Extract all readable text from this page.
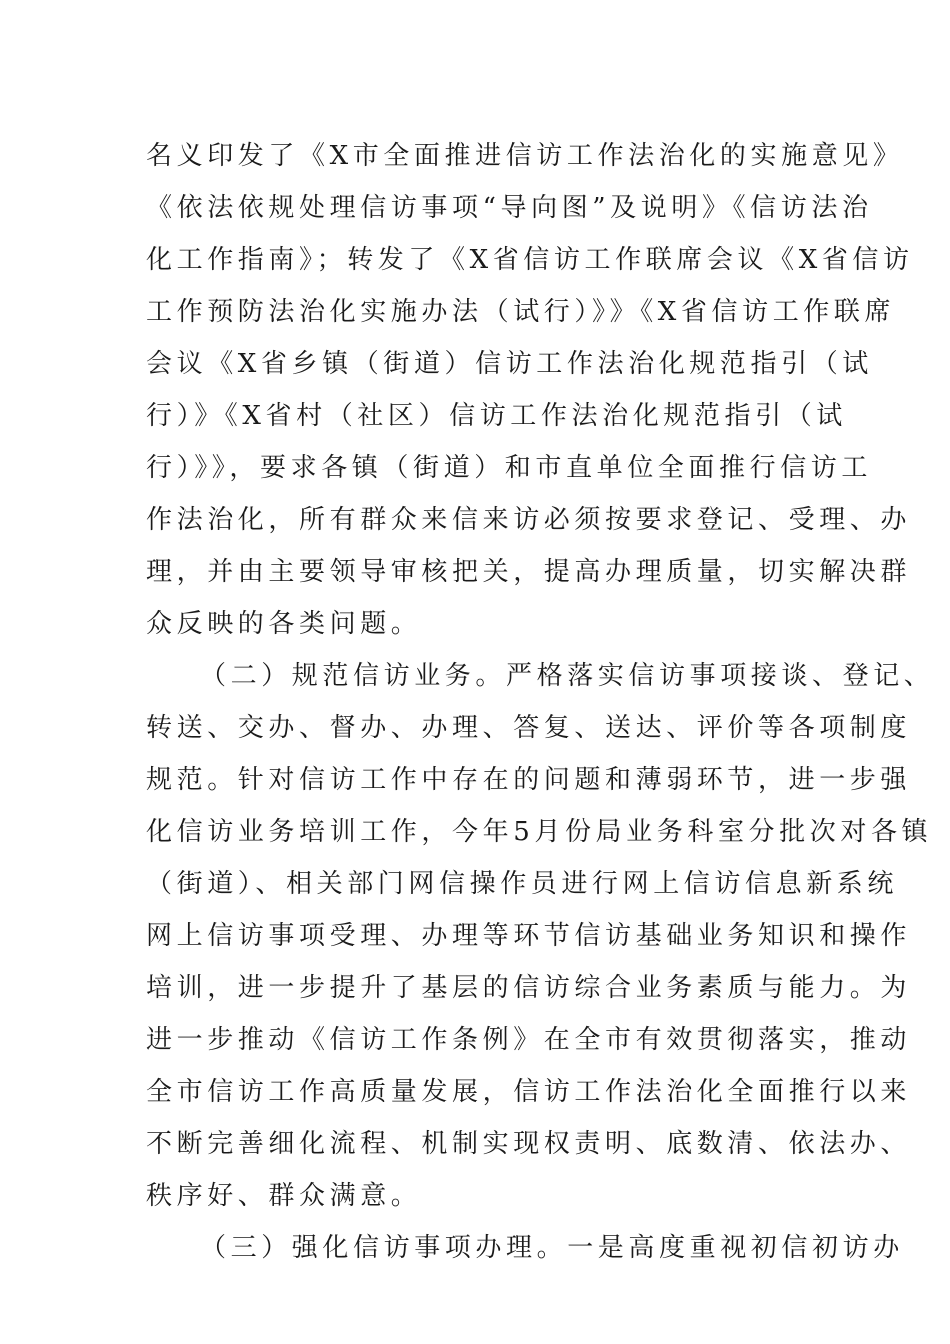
名义印发了《X市全面推进信访工作法治化的实施意见》
《依法依规处理信访事项“导向图”及说明》《信访法治
化工作指南》；转发了《X省信访工作联席会议《X省信访
工作预防法治化实施办法（试行）》》《X省信访工作联席
会议《X省乡镇（街道）信访工作法治化规范指引（试
行）》《X省村（社区）信访工作法治化规范指引（试
行）》》，要求各镇（街道）和市直单位全面推行信访工
作法治化，所有群众来信来访必须按要求登记、受理、办
理，并由主要领导审核把关，提高办理质量，切实解决群
众反映的各类问题。
（二）规范信访业务。严格落实信访事项接谈、登记、
转送、交办、督办、办理、答复、送达、评价等各项制度
规范。针对信访工作中存在的问题和薄弱环节，进一步强
化信访业务培训工作，今年5月份局业务科室分批次对各镇
（街道）、相关部门网信操作员进行网上信访信息新系统
网上信访事项受理、办理等环节信访基础业务知识和操作
培训，进一步提升了基层的信访综合业务素质与能力。为
进一步推动《信访工作条例》在全市有效贯彻落实，推动
全市信访工作高质量发展，信访工作法治化全面推行以来
不断完善细化流程、机制实现权责明、底数清、依法办、
秩序好、群众满意。
（三）强化信访事项办理。一是高度重视初信初访办
